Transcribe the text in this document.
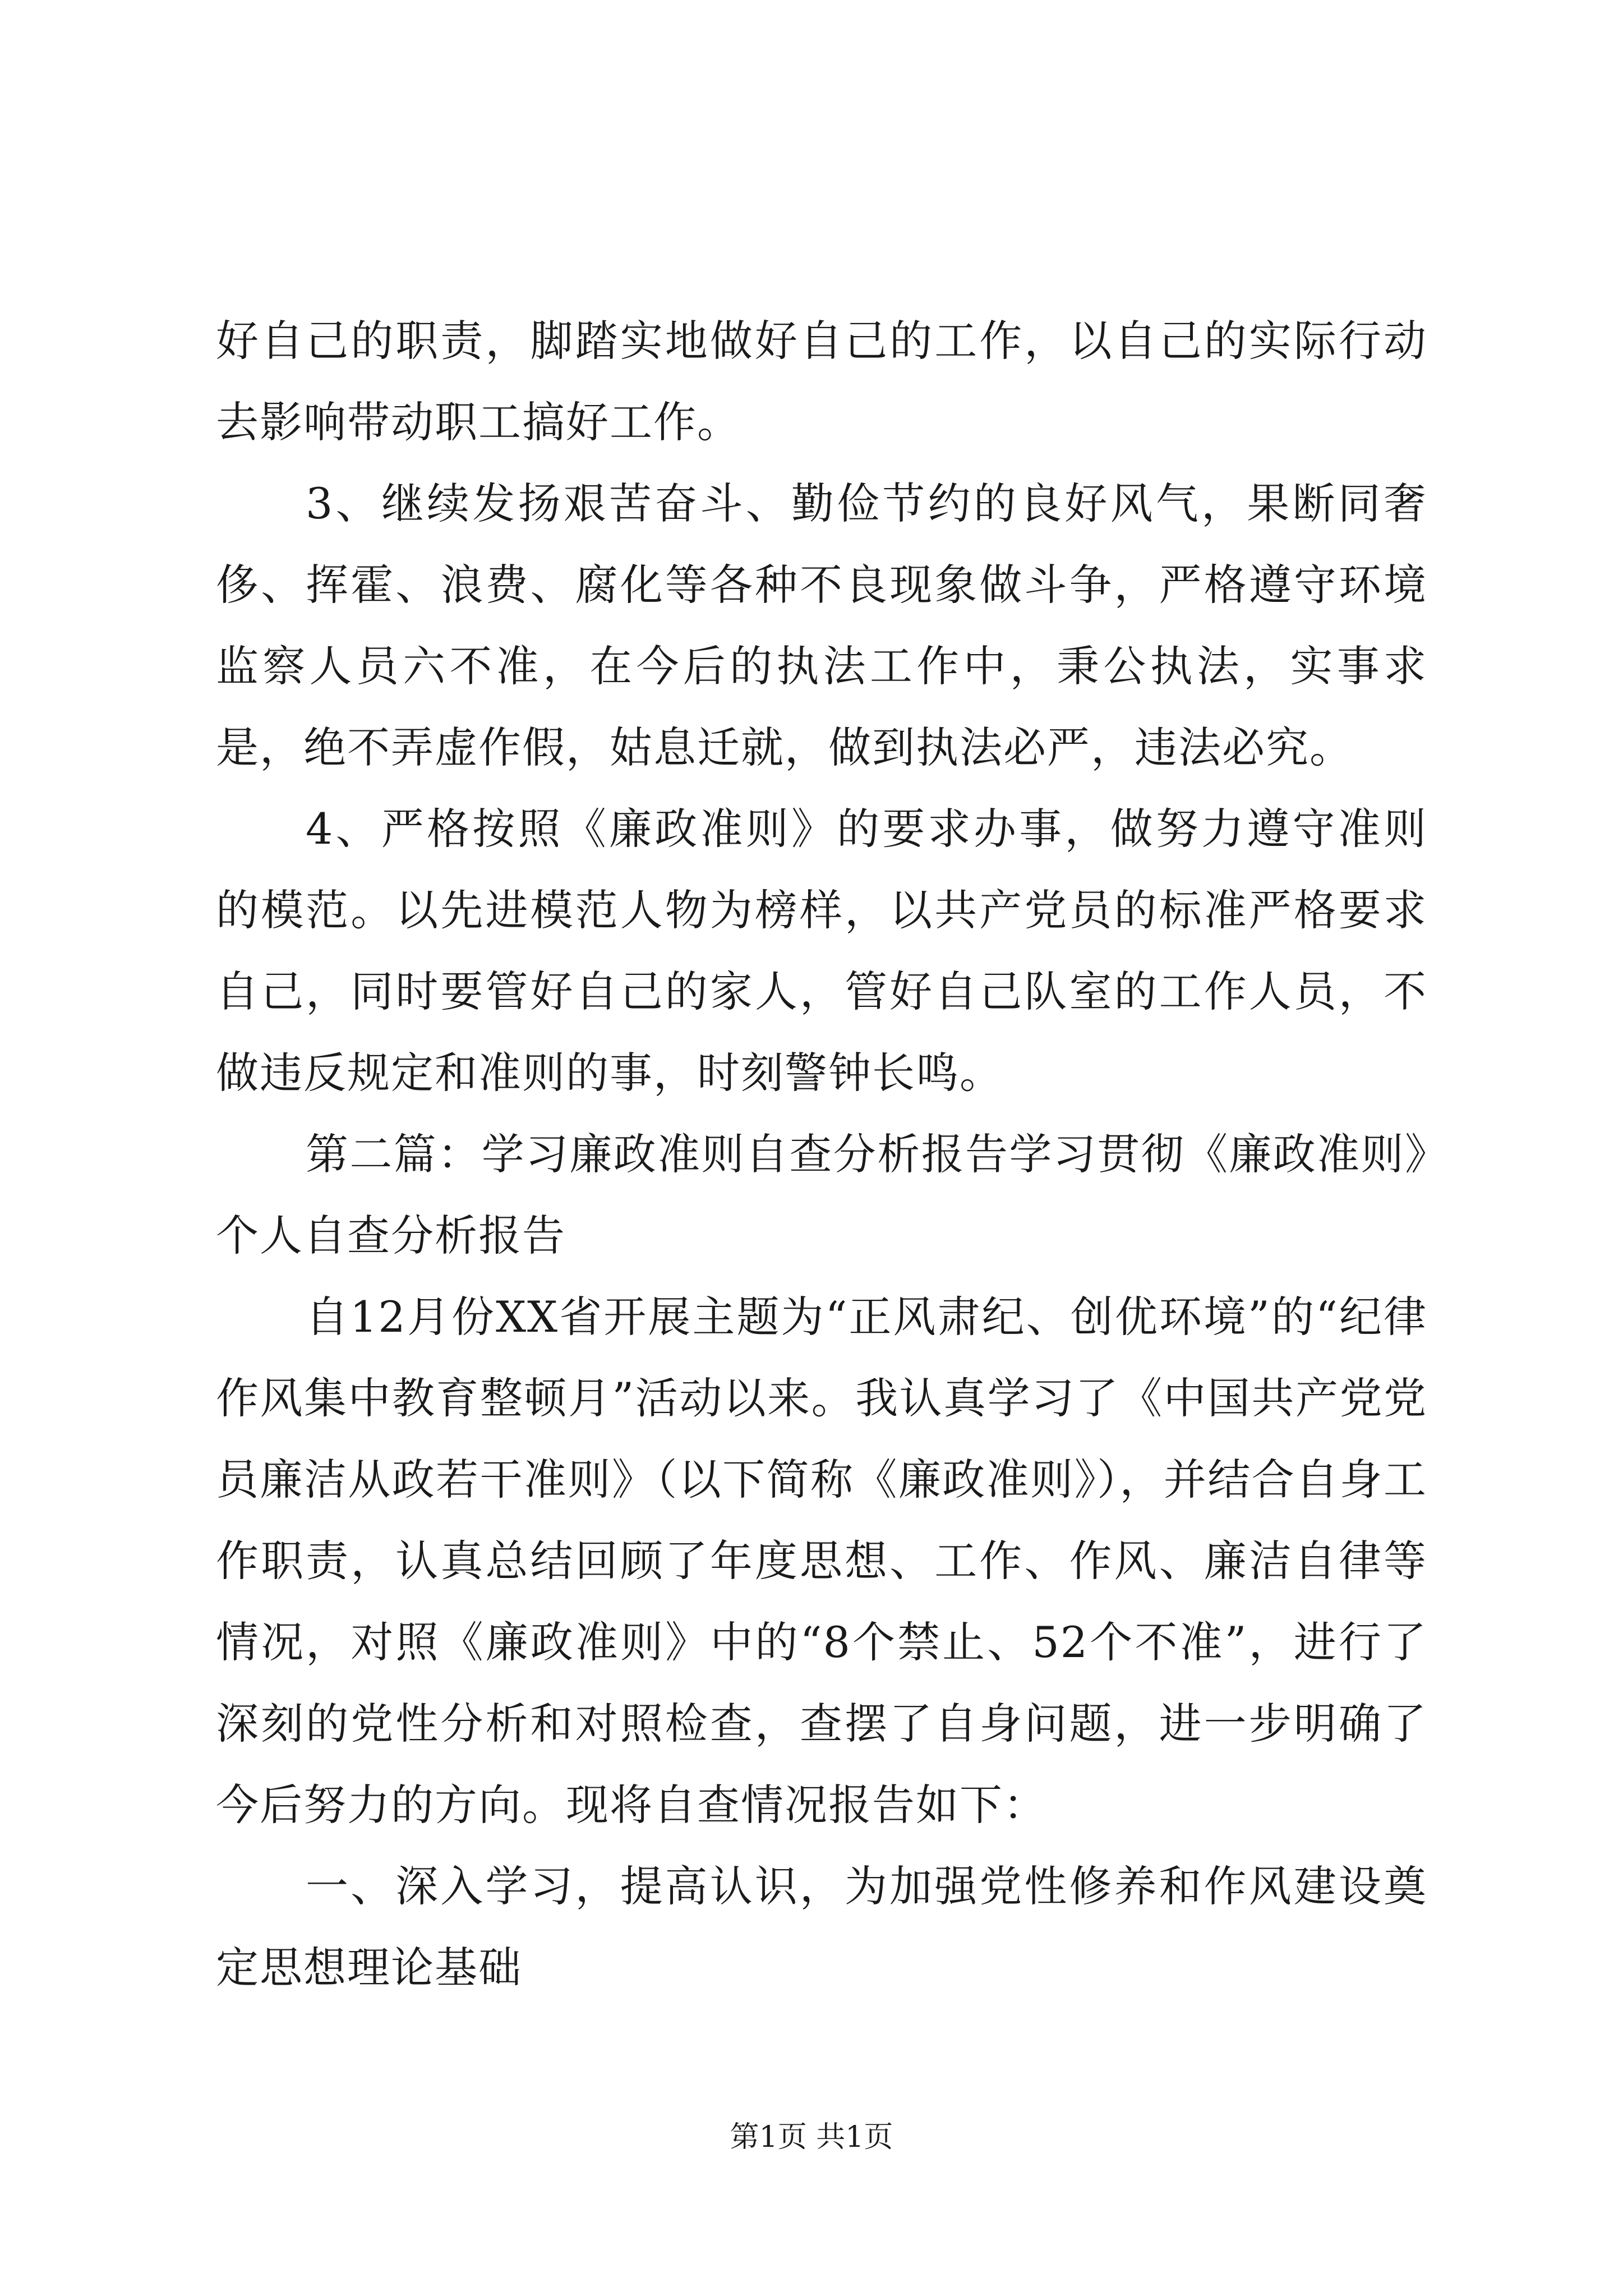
好自己的职责，脚踏实地做好自己的工作，以自己的实际行动去影响带动职工搞好工作。

3、继续发扬艰苦奋斗、勤俭节约的良好风气，果断同奢侈、挥霍、浪费、腐化等各种不良现象做斗争，严格遵守环境监察人员六不准，在今后的执法工作中，秉公执法，实事求是，绝不弄虚作假，姑息迁就，做到执法必严，违法必究。

4、严格按照《廉政准则》的要求办事，做努力遵守准则的模范。以先进模范人物为榜样，以共产党员的标准严格要求自己，同时要管好自己的家人，管好自己队室的工作人员，不做违反规定和准则的事，时刻警钟长鸣。

第二篇：学习廉政准则自查分析报告学习贯彻《廉政准则》个人自查分析报告

自12月份XX省开展主题为“正风肃纪、创优环境”的“纪律作风集中教育整顿月”活动以来。我认真学习了《中国共产党党员廉洁从政若干准则》（以下简称《廉政准则》），并结合自身工作职责，认真总结回顾了年度思想、工作、作风、廉洁自律等情况，对照《廉政准则》中的“8个禁止、52个不准”，进行了深刻的党性分析和对照检查，查摆了自身问题，进一步明确了今后努力的方向。现将自查情况报告如下：

一、深入学习，提高认识，为加强党性修养和作风建设奠定思想理论基础

第1页 共1页
